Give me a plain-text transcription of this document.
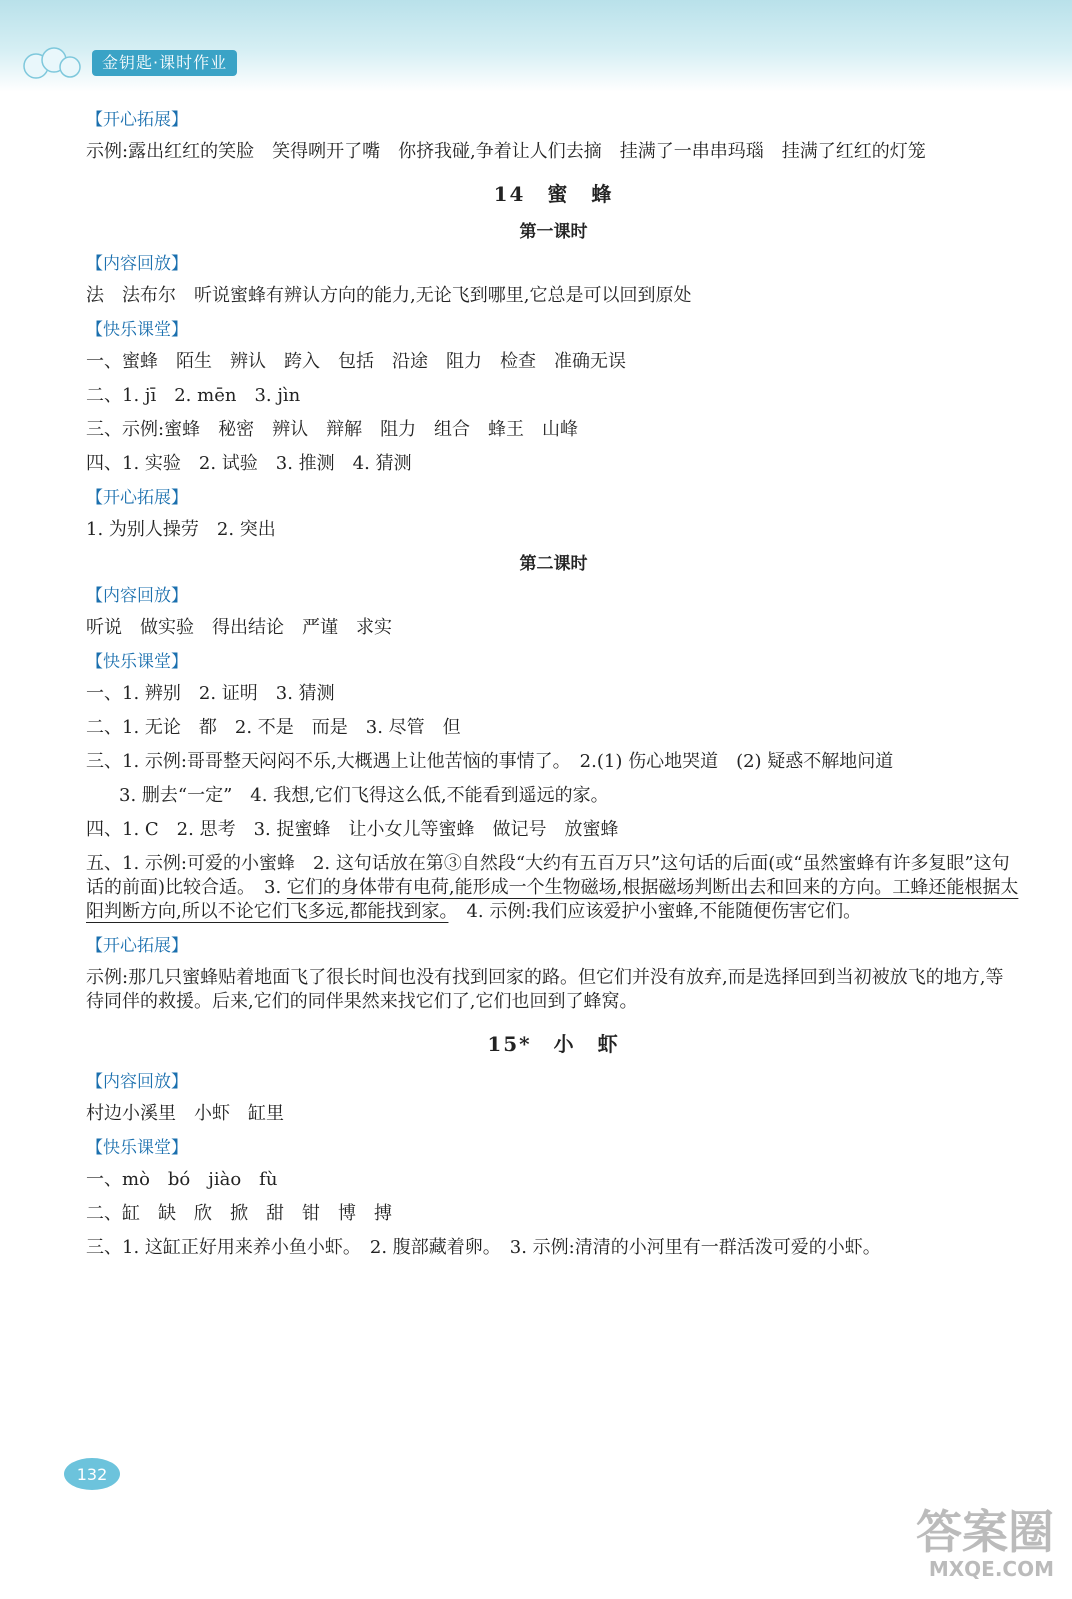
金钥匙·课时作业
【开心拓展】
示例:露出红红的笑脸　笑得咧开了嘴　你挤我碰,争着让人们去摘　挂满了一串串玛瑙　挂满了红红的灯笼
14　蜜　蜂
第一课时
【内容回放】
法　法布尔　听说蜜蜂有辨认方向的能力,无论飞到哪里,它总是可以回到原处
【快乐课堂】
一、蜜蜂　陌生　辨认　跨入　包括　沿途　阻力　检查　准确无误
二、1. jī　2. mēn　3. jìn
三、示例:蜜蜂　秘密　辨认　辩解　阻力　组合　蜂王　山峰
四、1. 实验　2. 试验　3. 推测　4. 猜测
【开心拓展】
1. 为别人操劳　2. 突出
第二课时
【内容回放】
听说　做实验　得出结论　严谨　求实
【快乐课堂】
一、1. 辨别　2. 证明　3. 猜测
二、1. 无论　都　2. 不是　而是　3. 尽管　但
三、1. 示例:哥哥整天闷闷不乐,大概遇上让他苦恼的事情了。　2.(1) 伤心地哭道　(2) 疑惑不解地问道
3. 删去“一定”　4. 我想,它们飞得这么低,不能看到遥远的家。
四、1. C　2. 思考　3. 捉蜜蜂　让小女儿等蜜蜂　做记号　放蜜蜂
五、1. 示例:可爱的小蜜蜂　2. 这句话放在第③自然段“大约有五百万只”这句话的后面(或“虽然蜜蜂有许多复眼”这句话的前面)比较合适。　3. 它们的身体带有电荷,能形成一个生物磁场,根据磁场判断出去和回来的方向。工蜂还能根据太阳判断方向,所以不论它们飞多远,都能找到家。　4. 示例:我们应该爱护小蜜蜂,不能随便伤害它们。
【开心拓展】
示例:那几只蜜蜂贴着地面飞了很长时间也没有找到回家的路。但它们并没有放弃,而是选择回到当初被放飞的地方,等待同伴的救援。后来,它们的同伴果然来找它们了,它们也回到了蜂窝。
15*　小　虾
【内容回放】
村边小溪里　小虾　缸里
【快乐课堂】
一、mò　bó　jiào　fù
二、缸　缺　欣　掀　甜　钳　博　搏
三、1. 这缸正好用来养小鱼小虾。　2. 腹部藏着卵。　3. 示例:清清的小河里有一群活泼可爱的小虾。
132
答案圈
MXQE.COM
